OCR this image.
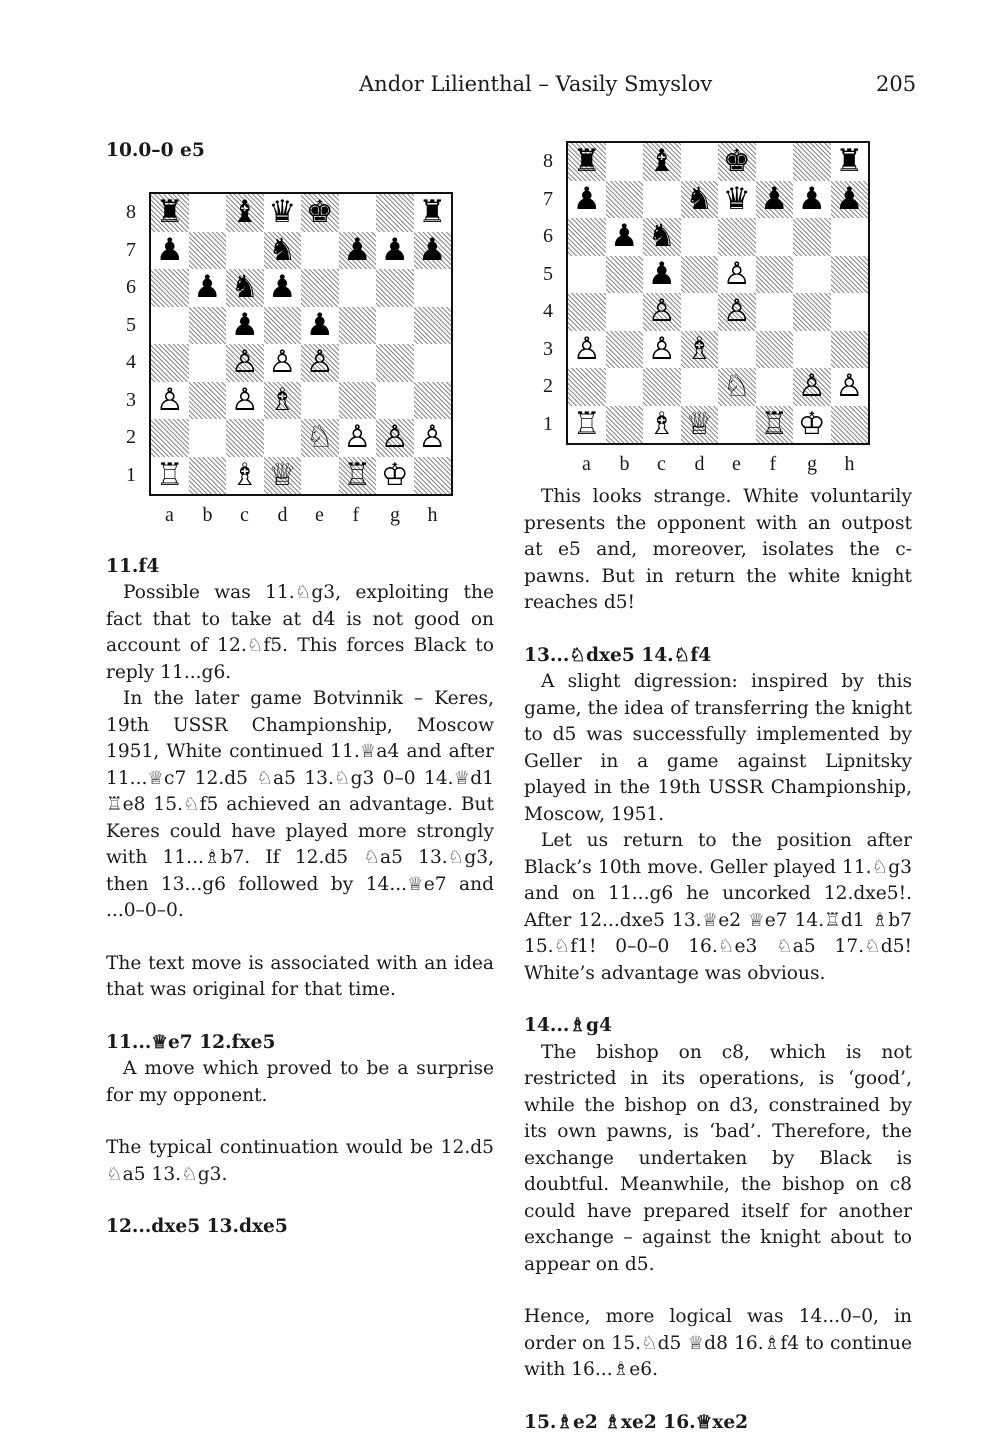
Andor Lilienthal – Vasily Smyslov	205

10.0–0 e5

11.f4

Possible was 11.♘g3, exploiting the fact that to take at d4 is not good on account of 12.♘f5. This forces Black to reply 11...g6.

In the later game Botvinnik – Keres, 19th USSR Championship, Moscow 1951, White continued 11.♕a4 and after 11...♕c7 12.d5 ♘a5 13.♘g3 0–0 14.♕d1 ♖e8 15.♘f5 achieved an advantage. But Keres could have played more strongly with 11...♗b7. If 12.d5 ♘a5 13.♘g3, then 13...g6 followed by 14...♕e7 and ...0–0–0.

The text move is associated with an idea that was original for that time.

11...♕e7 12.fxe5

A move which proved to be a surprise for my opponent.

The typical continuation would be 12.d5 ♘a5 13.♘g3.

12...dxe5 13.dxe5

This looks strange. White voluntarily presents the opponent with an outpost at e5 and, moreover, isolates the c-pawns. But in return the white knight reaches d5!

13...♘dxe5 14.♘f4

A slight digression: inspired by this game, the idea of transferring the knight to d5 was successfully implemented by Geller in a game against Lipnitsky played in the 19th USSR Championship, Moscow, 1951.

Let us return to the position after Black’s 10th move. Geller played 11.♘g3 and on 11...g6 he uncorked 12.dxe5!. After 12...dxe5 13.♕e2 ♕e7 14.♖d1 ♗b7 15.♘f1! 0–0–0 16.♘e3 ♘a5 17.♘d5! White’s advantage was obvious.

14...♗g4

The bishop on c8, which is not restricted in its operations, is ‘good’, while the bishop on d3, constrained by its own pawns, is ‘bad’. Therefore, the exchange undertaken by Black is doubtful. Meanwhile, the bishop on c8 could have prepared itself for another exchange – against the knight about to appear on d5.

Hence, more logical was 14...0–0, in order on 15.♘d5 ♕d8 16.♗f4 to continue with 16...♗e6.

15.♗e2 ♗xe2 16.♕xe2

♜ ♝ ♛ ♚	♜
♟	♞ ♟ ♟ ♟
♟ ♞ ♟
♟ ♟
♙ ♙ ♙
♙ ♙ ♗
♘ ♙ ♙ ♙
♖ ♗ ♕ ♖ ♔
8
7
6
5
4
3
2
1
a b c d e f g h
♜ ♝ ♚	♜
♟	♞ ♛ ♟ ♟ ♟
♟ ♞
♟ ♙
♙ ♙
♙ ♙ ♗
♘ ♙ ♙
♖ ♗ ♕ ♖ ♔
8
7
6
5
4
3
2
1
a b c d e f g h
